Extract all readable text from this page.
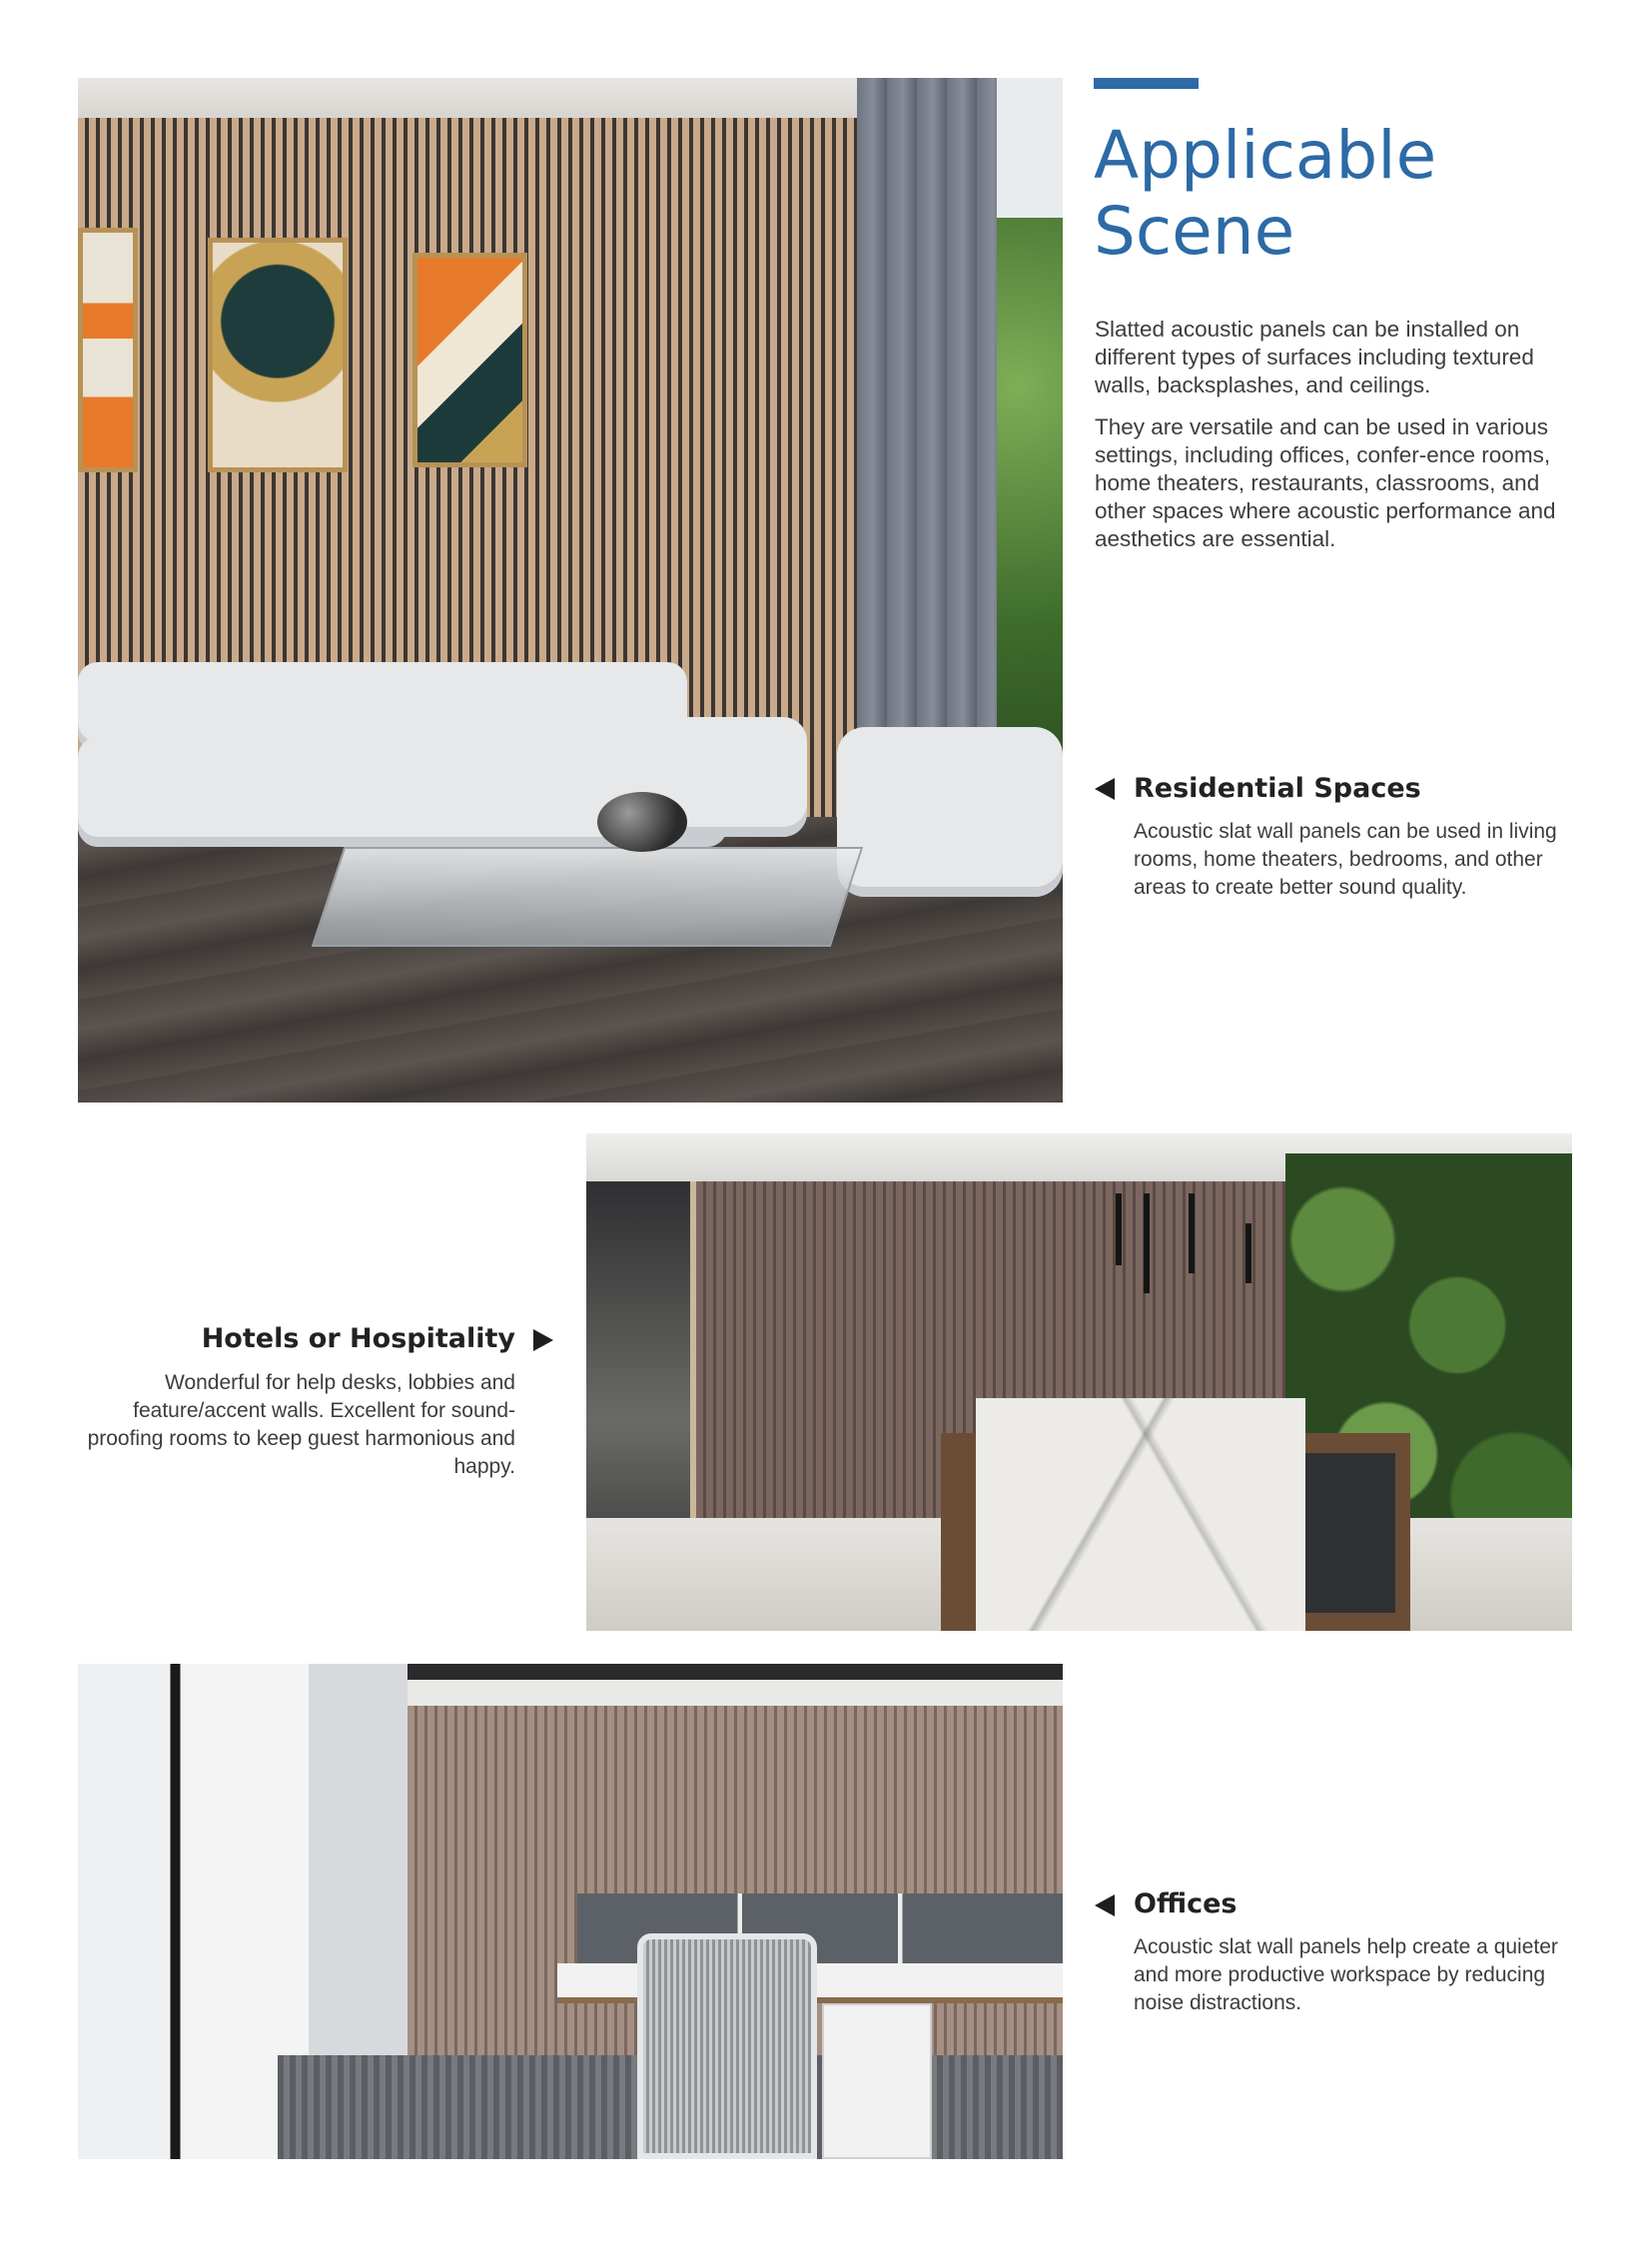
Applicable
Scene

Slatted acoustic panels can be installed on different types of surfaces including textured walls, backsplashes, and ceilings.

They are versatile and can be used in various settings, including offices, confer-ence rooms, home theaters, restaurants, classrooms, and other spaces where acoustic performance and aesthetics are essential.

Residential Spaces

Acoustic slat wall panels can be used in living rooms, home theaters, bedrooms, and other areas to create better sound quality.

Hotels or Hospitality

Wonderful for help desks, lobbies and feature/accent walls. Excellent for sound-proofing rooms to keep guest harmonious and happy.

Offices

Acoustic slat wall panels help create a quieter and more productive workspace by reducing noise distractions.
